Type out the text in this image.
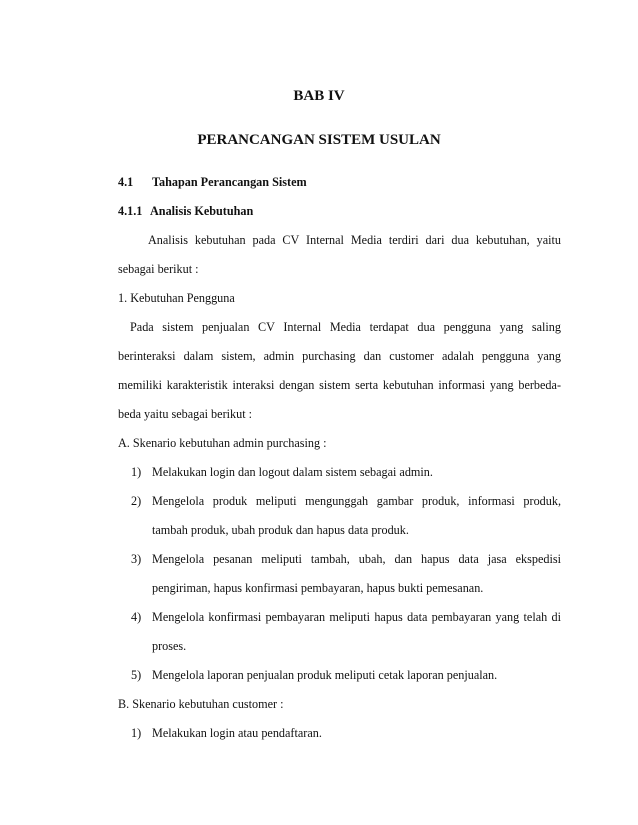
BAB IV
PERANCANGAN SISTEM USULAN
4.1 Tahapan Perancangan Sistem
4.1.1 Analisis Kebutuhan
Analisis kebutuhan pada CV Internal Media terdiri dari dua kebutuhan, yaitu
sebagai berikut :
1. Kebutuhan Pengguna
Pada sistem penjualan CV Internal Media terdapat dua pengguna yang saling
berinteraksi dalam sistem, admin purchasing dan customer adalah pengguna yang
memiliki karakteristik interaksi dengan sistem serta kebutuhan informasi yang berbeda-
beda yaitu sebagai berikut :
A. Skenario kebutuhan admin purchasing :
1) Melakukan login dan logout dalam sistem sebagai admin.
2) Mengelola produk meliputi mengunggah gambar produk, informasi produk,
tambah produk, ubah produk dan hapus data produk.
3) Mengelola pesanan meliputi tambah, ubah, dan hapus data jasa ekspedisi
pengiriman, hapus konfirmasi pembayaran, hapus bukti pemesanan.
4) Mengelola konfirmasi pembayaran meliputi hapus data pembayaran yang telah di
proses.
5) Mengelola laporan penjualan produk meliputi cetak laporan penjualan.
B. Skenario kebutuhan customer :
1) Melakukan login atau pendaftaran.
